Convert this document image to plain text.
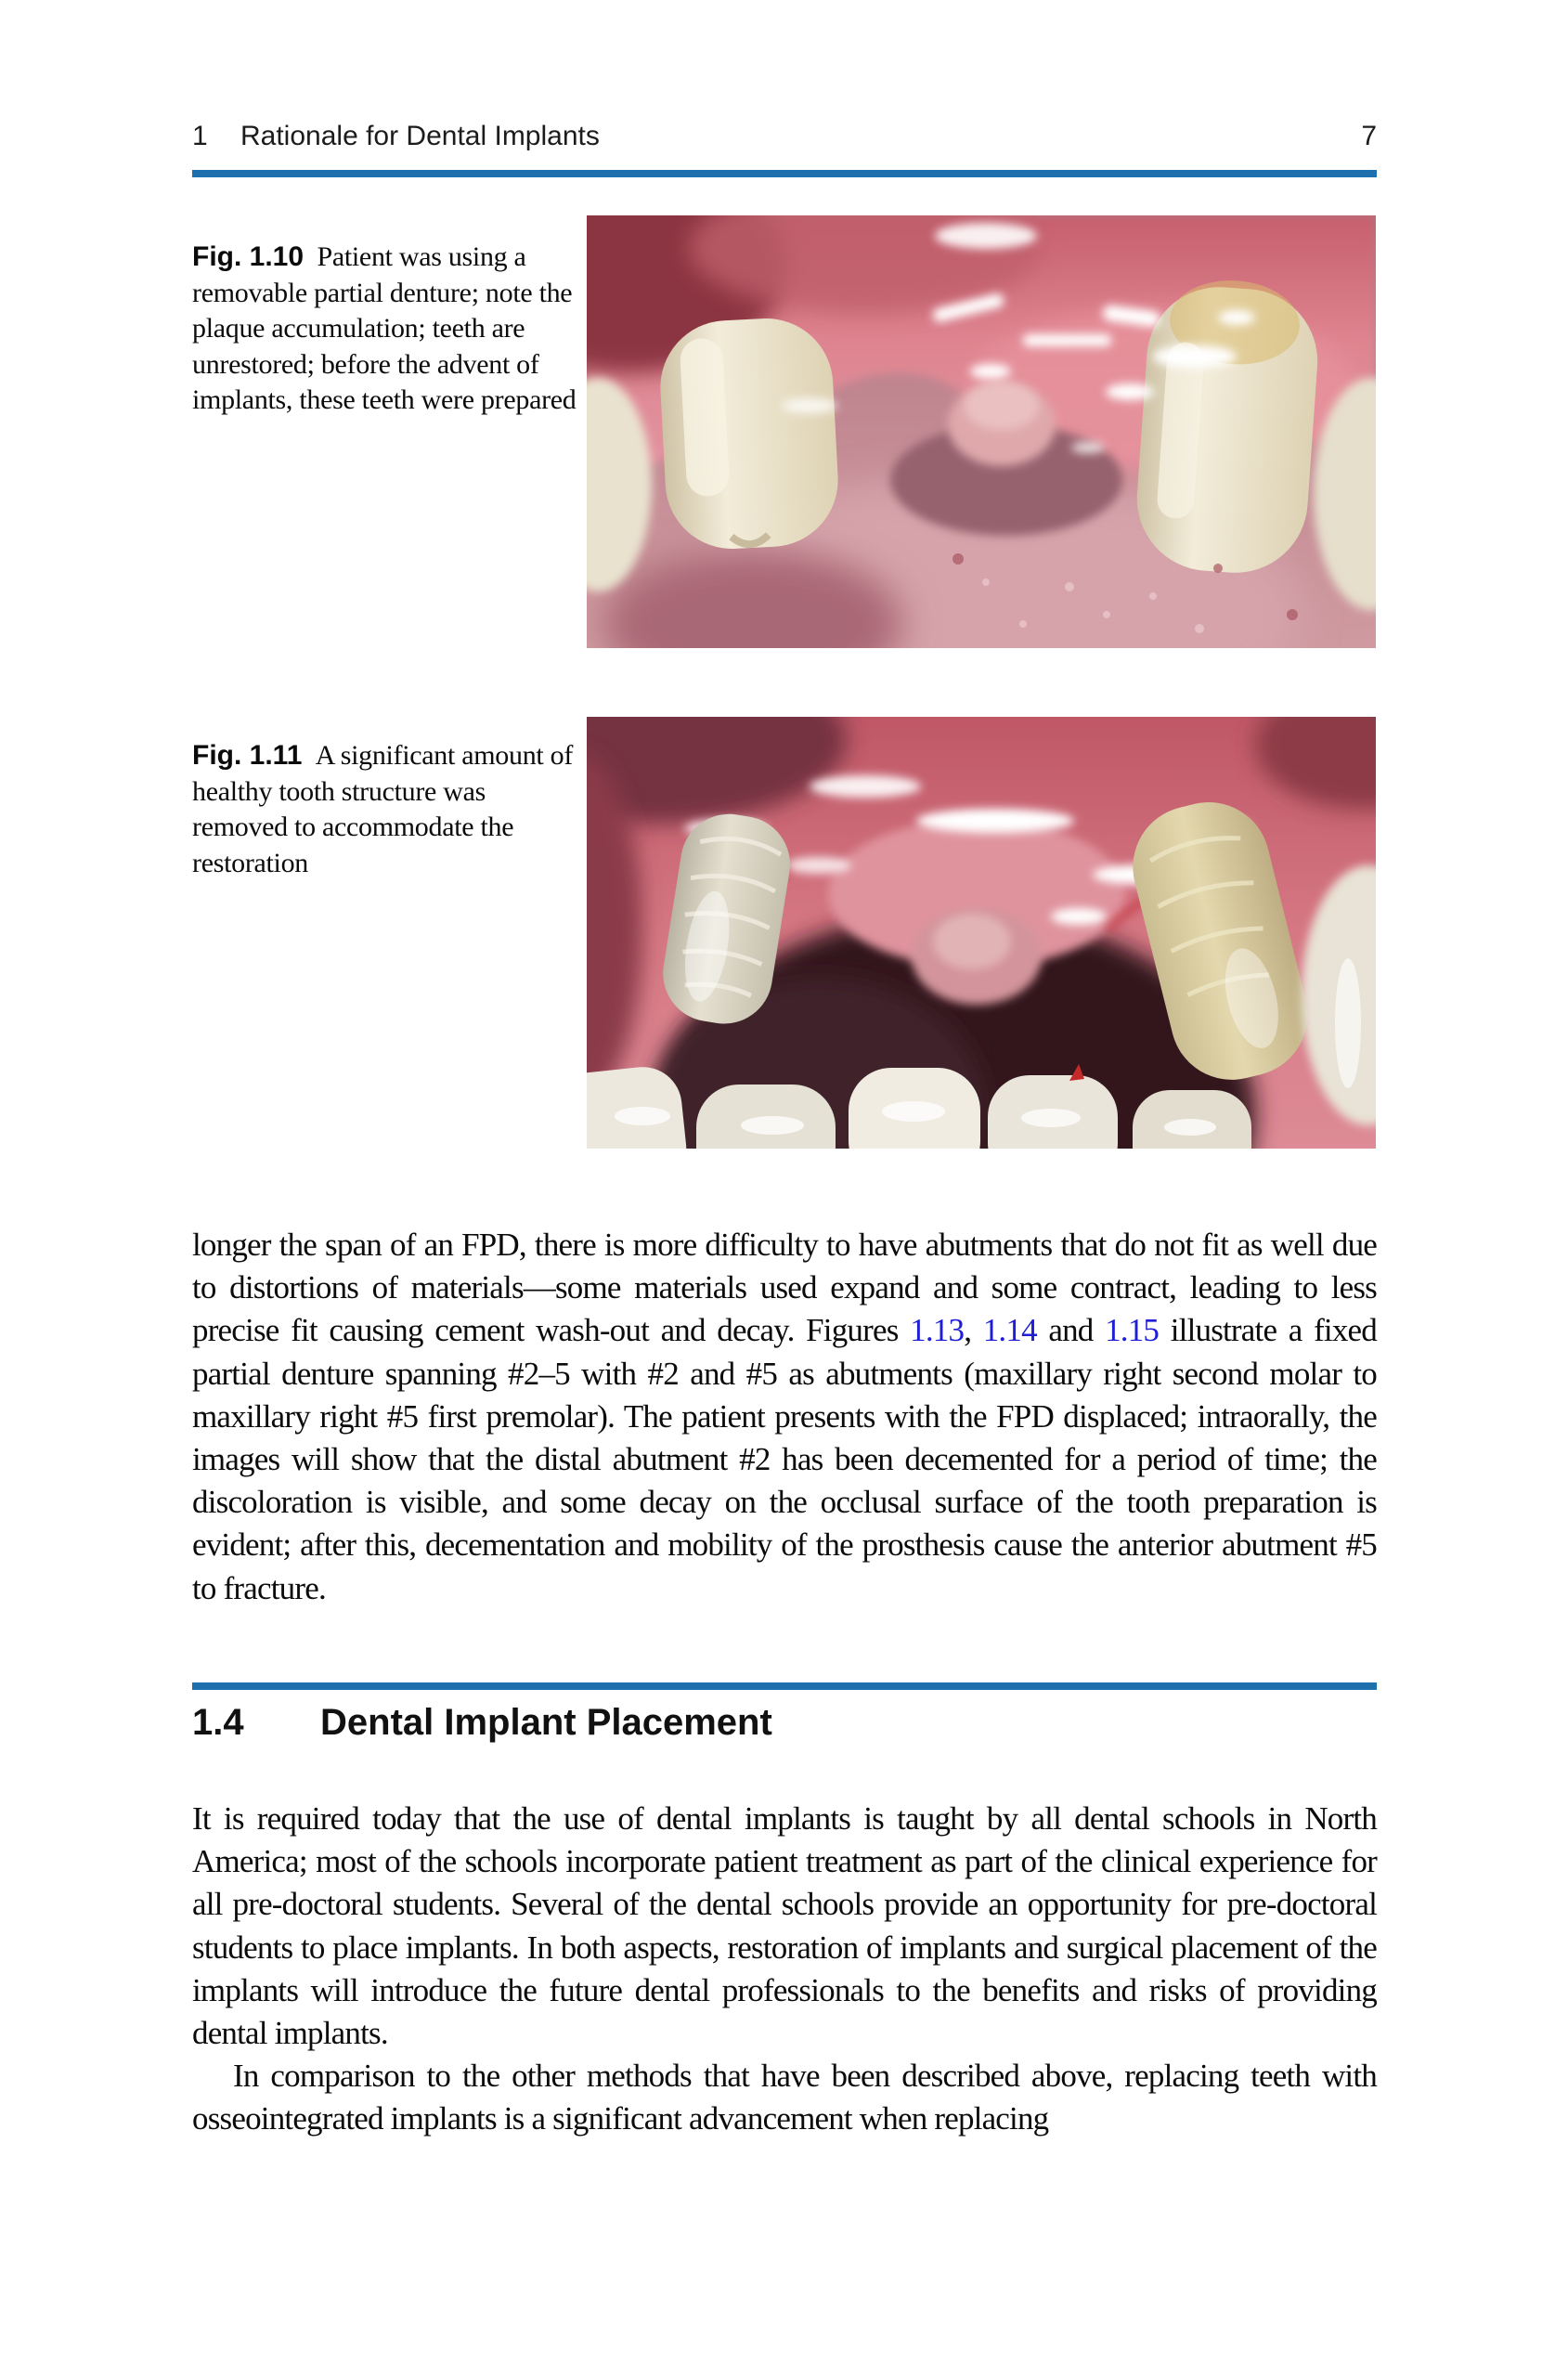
1 Rationale for Dental Implants	7

Fig. 1.10 Patient was using a removable partial denture; note the plaque accumulation; teeth are unrestored; before the advent of implants, these teeth were prepared

Fig. 1.11 A significant amount of healthy tooth structure was removed to accommodate the restoration

longer the span of an FPD, there is more difficulty to have abutments that do not fit as well due to distortions of materials—some materials used expand and some contract, leading to less precise fit causing cement wash-out and decay. Figures 1.13, 1.14 and 1.15 illustrate a fixed partial denture spanning #2–5 with #2 and #5 as abutments (maxillary right second molar to maxillary right #5 first premolar). The patient presents with the FPD displaced; intraorally, the images will show that the distal abutment #2 has been decemented for a period of time; the discoloration is visible, and some decay on the occlusal surface of the tooth preparation is evident; after this, decementation and mobility of the prosthesis cause the anterior abutment #5 to fracture.

1.4 Dental Implant Placement

It is required today that the use of dental implants is taught by all dental schools in North America; most of the schools incorporate patient treatment as part of the clinical experience for all pre-doctoral students. Several of the dental schools provide an opportunity for pre-doctoral students to place implants. In both aspects, restoration of implants and surgical placement of the implants will introduce the future dental professionals to the benefits and risks of providing dental implants.

In comparison to the other methods that have been described above, replacing teeth with osseointegrated implants is a significant advancement when replacing
